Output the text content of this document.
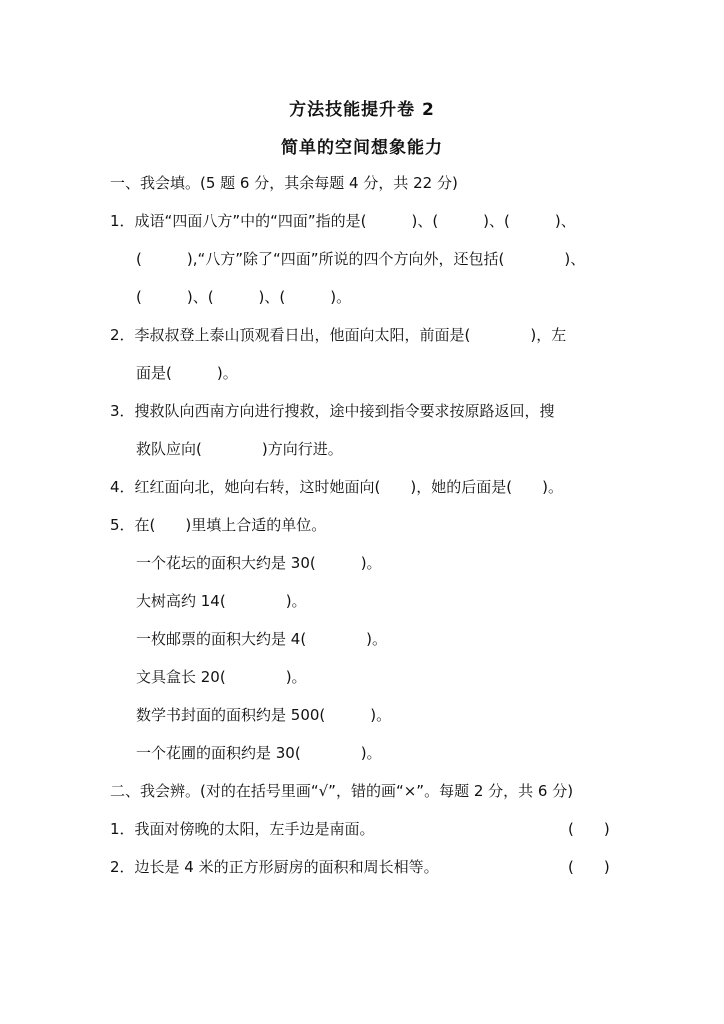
方法技能提升卷 2
简单的空间想象能力

一、我会填。(5 题 6 分，其余每题 4 分，共 22 分)

1．成语“四面八方”中的“四面”指的是(　　　)、(　　　)、(　　　)、

(　　　),“八方”除了“四面”所说的四个方向外，还包括(　　　　)、

(　　　)、(　　　)、(　　　)。

2．李叔叔登上泰山顶观看日出，他面向太阳，前面是(　　　　)，左

面是(　　　)。

3．搜救队向西南方向进行搜救，途中接到指令要求按原路返回，搜

救队应向(　　　　)方向行进。

4．红红面向北，她向右转，这时她面向(　　)，她的后面是(　　)。

5．在(　　)里填上合适的单位。

一个花坛的面积大约是 30(　　　)。

大树高约 14(　　　　)。

一枚邮票的面积大约是 4(　　　　)。

文具盒长 20(　　　　)。

数学书封面的面积约是 500(　　　)。

一个花圃的面积约是 30(　　　　)。

二、我会辨。(对的在括号里画“√”，错的画“×”。每题 2 分，共 6 分)

1．我面对傍晚的太阳，左手边是南面。

	(　　)

2．边长是 4 米的正方形厨房的面积和周长相等。

	(　　)
